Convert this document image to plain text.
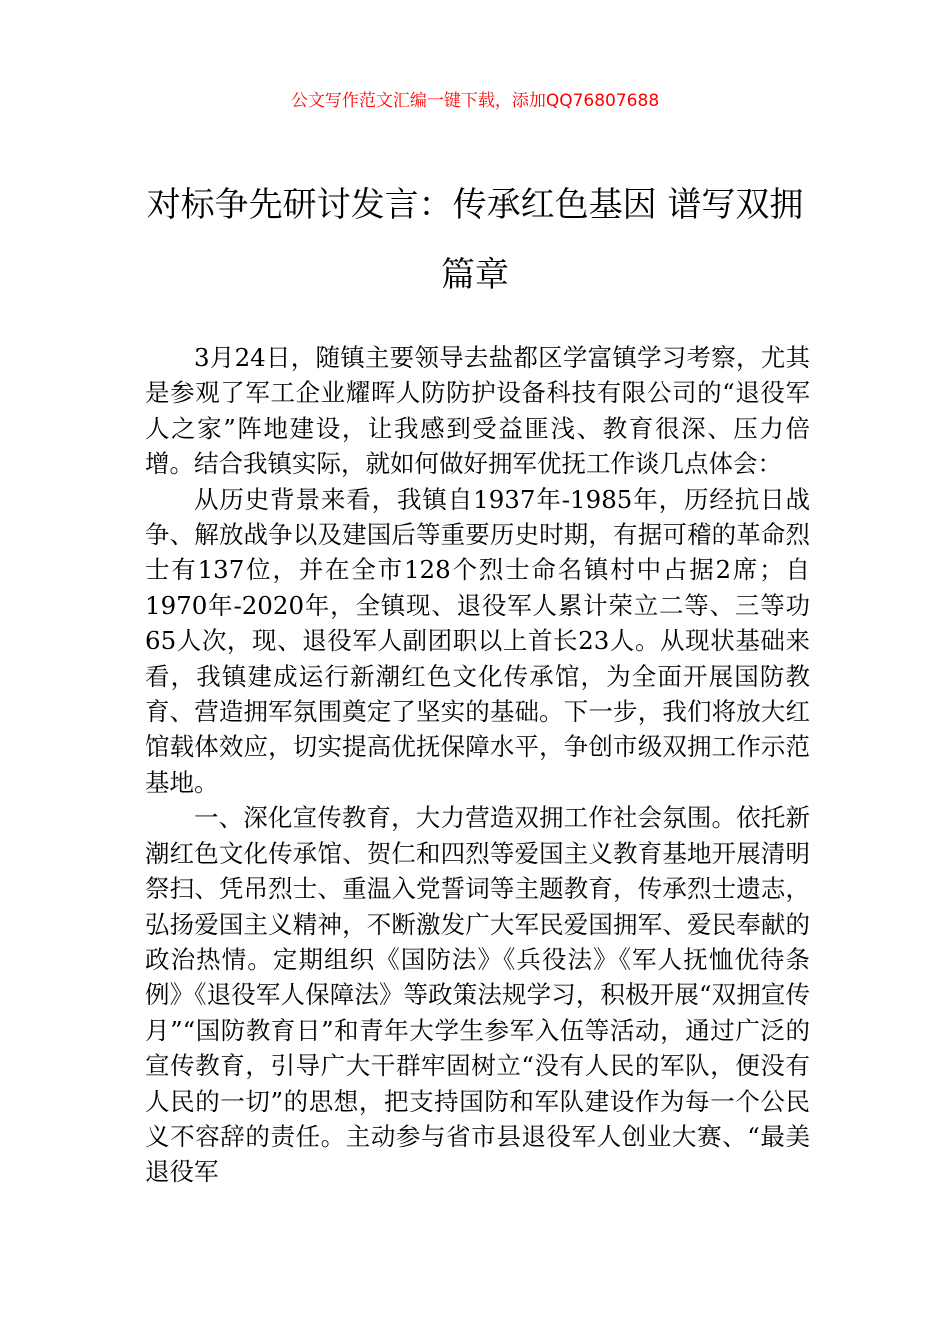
公文写作范文汇编一键下载，添加QQ76807688
对标争先研讨发言：传承红色基因 谱写双拥篇章

3月24日，随镇主要领导去盐都区学富镇学习考察，尤其是参观了军工企业耀晖人防防护设备科技有限公司的“退役军人之家”阵地建设，让我感到受益匪浅、教育很深、压力倍增。结合我镇实际，就如何做好拥军优抚工作谈几点体会：

从历史背景来看，我镇自1937年-1985年，历经抗日战争、解放战争以及建国后等重要历史时期，有据可稽的革命烈士有137位，并在全市128个烈士命名镇村中占据2席；自1970年-2020年，全镇现、退役军人累计荣立二等、三等功65人次，现、退役军人副团职以上首长23人。从现状基础来看，我镇建成运行新潮红色文化传承馆，为全面开展国防教育、营造拥军氛围奠定了坚实的基础。下一步，我们将放大红馆载体效应，切实提高优抚保障水平，争创市级双拥工作示范基地。

一、深化宣传教育，大力营造双拥工作社会氛围。依托新潮红色文化传承馆、贺仁和四烈等爱国主义教育基地开展清明祭扫、凭吊烈士、重温入党誓词等主题教育，传承烈士遗志，弘扬爱国主义精神，不断激发广大军民爱国拥军、爱民奉献的政治热情。定期组织《国防法》《兵役法》《军人抚恤优待条例》《退役军人保障法》等政策法规学习，积极开展“双拥宣传月”“国防教育日”和青年大学生参军入伍等活动，通过广泛的宣传教育，引导广大干群牢固树立“没有人民的军队，便没有人民的一切”的思想，把支持国防和军队建设作为每一个公民义不容辞的责任。主动参与省市县退役军人创业大赛、“最美退役军
